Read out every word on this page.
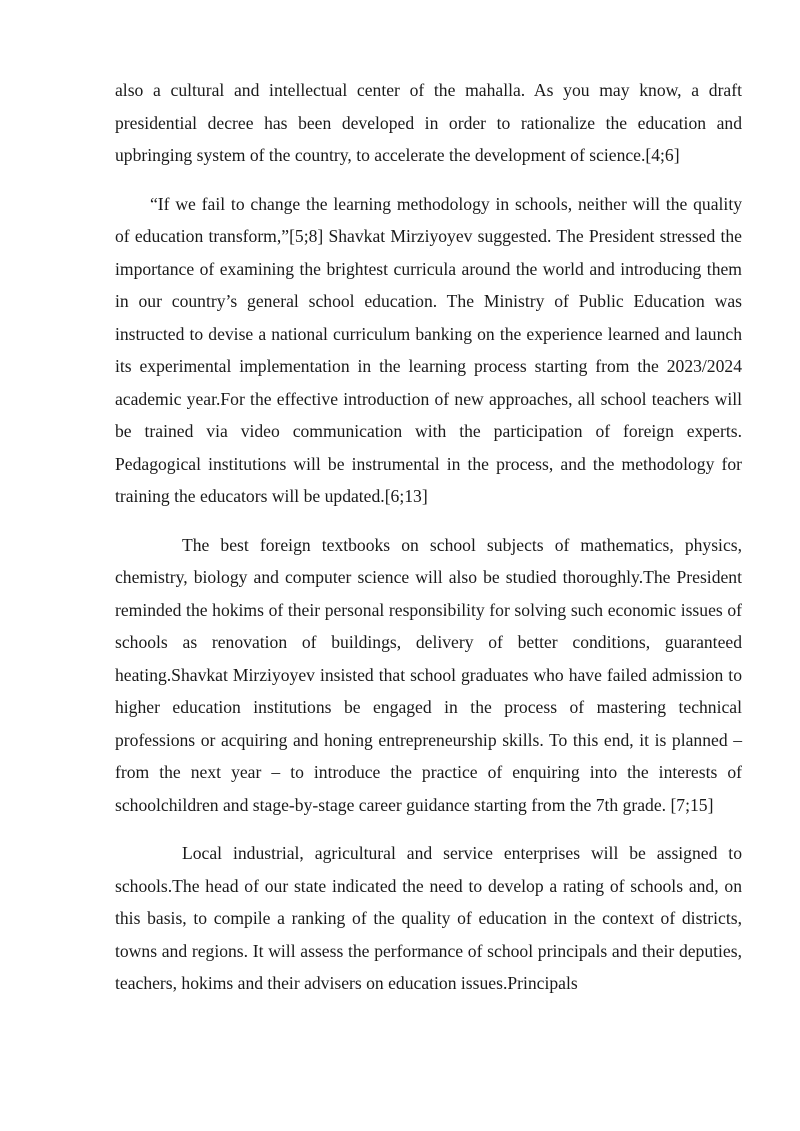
also a cultural and intellectual center of the mahalla. As you may know, a draft presidential decree has been developed in order to rationalize the education and upbringing system of the country, to accelerate the development of science.[4;6]

“If we fail to change the learning methodology in schools, neither will the quality of education transform,”[5;8] Shavkat Mirziyoyev suggested. The President stressed the importance of examining the brightest curricula around the world and introducing them in our country’s general school education. The Ministry of Public Education was instructed to devise a national curriculum banking on the experience learned and launch its experimental implementation in the learning process starting from the 2023/2024 academic year.For the effective introduction of new approaches, all school teachers will be trained via video communication with the participation of foreign experts. Pedagogical institutions will be instrumental in the process, and the methodology for training the educators will be updated.[6;13]

The best foreign textbooks on school subjects of mathematics, physics, chemistry, biology and computer science will also be studied thoroughly.The President reminded the hokims of their personal responsibility for solving such economic issues of schools as renovation of buildings, delivery of better conditions, guaranteed heating.Shavkat Mirziyoyev insisted that school graduates who have failed admission to higher education institutions be engaged in the process of mastering technical professions or acquiring and honing entrepreneurship skills. To this end, it is planned – from the next year – to introduce the practice of enquiring into the interests of schoolchildren and stage-by-stage career guidance starting from the 7th grade. [7;15]

Local industrial, agricultural and service enterprises will be assigned to schools.The head of our state indicated the need to develop a rating of schools and, on this basis, to compile a ranking of the quality of education in the context of districts, towns and regions. It will assess the performance of school principals and their deputies, teachers, hokims and their advisers on education issues.Principals
